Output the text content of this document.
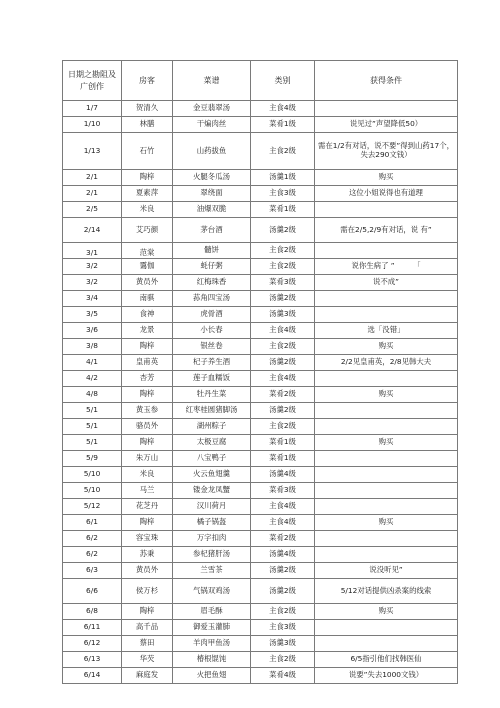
日期之勘阻及广创作	房客	菜谱	类别	获得条件
1/7	贺清久	金豆翡翠汤	主食4级	
1/10	林膳	干煸肉丝	菜肴1级	说见过”声望降低50）
1/13	石竹	山药拔鱼	主食2级	需在1/2有对话，说不要”得到山药17个，失去290文钱）
2/1	陶梓	火腿冬瓜汤	汤羹1级	购买
2/1	夏素萍	翠绕面	主食3级	这位小姐说得也有道理
2/5	米良	油爆双脆	菜肴1级	
2/14	艾巧颜	茅台酒	汤羹2级	需在2/5,2/9有对话，说 有”
3/1	范棠	髓饼	主食2级	
3/2	霭伽	蚝仔粥	主食2级	说你生病了 ”　　　「
3/2	黄员外	红梅珠香	菜肴3级	说不成”
3/4	南骐	荪角四宝汤	汤羹2级	
3/5	食神	虎骨酒	汤羹3级	
3/6	龙景	小长春	主食4级	选「没错」
3/8	陶梓	银丝卷	主食2级	购买
4/1	皇甫英	杞子养生酒	汤羹2级	2/2见皇甫英，2/8见韩大夫
4/2	杏芳	莲子血糯饭	主食4级	
4/8	陶梓	牡丹生菜	菜肴2级	购买
5/1	黄玉参	红枣桂圆猪脚汤	汤羹2级	
5/1	骆员外	湖州粽子	主食2级	
5/1	陶梓	太极豆腐	菜肴1级	购买
5/9	朱万山	八宝鸭子	菜肴1级	
5/10	米良	火云鱼翅羹	汤羹4级	
5/10	马兰	镂金龙凤蟹	菜肴3级	
5/12	花芝丹	汉川荷月	主食4级	
6/1	陶梓	橘子锅盔	主食4级	购买
6/2	容宝珠	万字扣肉	菜肴2级	
6/2	苏秉	参杞猪肝汤	汤羹4级	
6/3	黄员外	兰雪茶	汤羹2级	说没听见”
6/6	侯万杉	气锅双鸡汤	汤羹2级	5/12对话提供凶杀案的线索
6/8	陶梓	眉毛酥	主食2级	购买
6/11	高千品	御爱玉灌肺	主食3级	
6/12	蔡田	羊肉甲鱼汤	汤羹3级	
6/13	华芡	椿根馄饨	主食2级	6/5指引他们找韩医仙
6/14	麻庭发	火把鱼翅	菜肴4级	说要”失去1000文钱）
